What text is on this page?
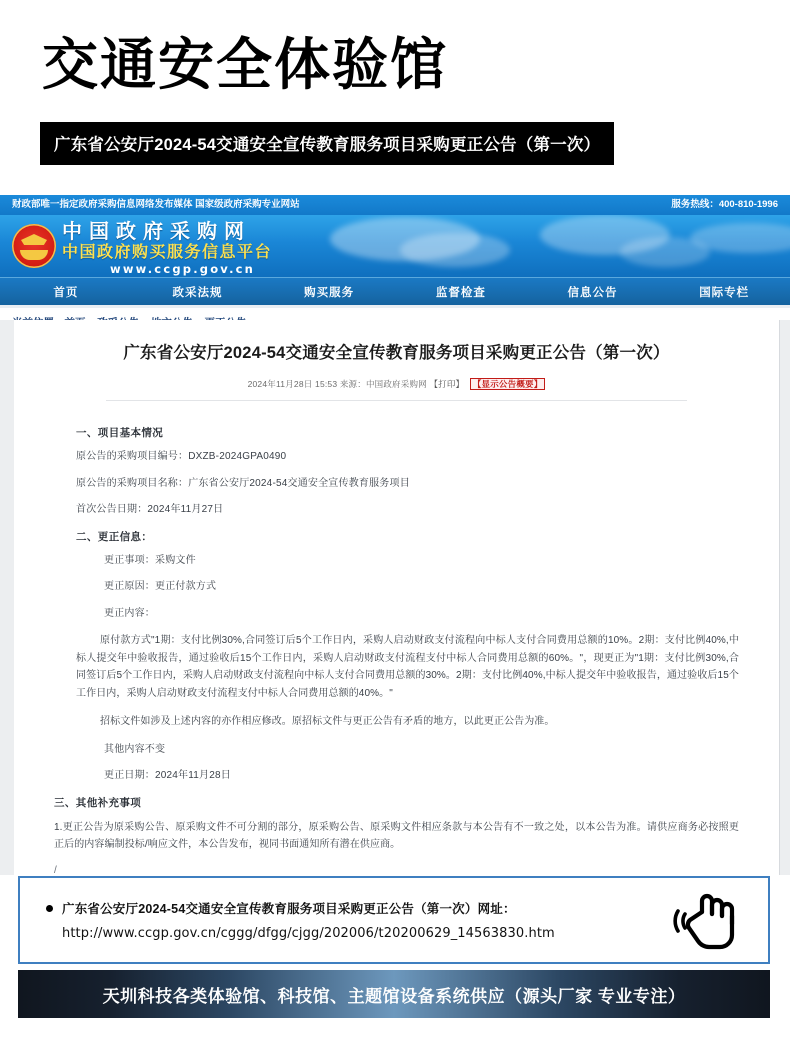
交通安全体验馆
广东省公安厅2024-54交通安全宣传教育服务项目采购更正公告（第一次）
财政部唯一指定政府采购信息网络发布媒体 国家级政府采购专业网站	服务热线：400-810-1996
中国政府采购网
中国政府购买服务信息平台
www.ccgp.gov.cn
首页	政采法规	购买服务	监督检查	信息公告	国际专栏
广东省公安厅2024-54交通安全宣传教育服务项目采购更正公告（第一次）
2024年11月28日 15:53 来源：中国政府采购网 【打印】 【显示公告概要】
一、项目基本情况
原公告的采购项目编号：DXZB-2024GPA0490
原公告的采购项目名称：广东省公安厅2024-54交通安全宣传教育服务项目
首次公告日期：2024年11月27日
二、更正信息：
更正事项：采购文件
更正原因：更正付款方式
更正内容：
原付款方式"1期：支付比例30%,合同签订后5个工作日内，采购人启动财政支付流程向中标人支付合同费用总额的10%。2期：支付比例40%,中标人提交年中验收报告，通过验收后15个工作日内，采购人启动财政支付流程支付中标人合同费用总额的60%。"，现更正为"1期：支付比例30%,合同签订后5个工作日内，采购人启动财政支付流程向中标人支付合同费用总额的30%。2期：支付比例40%,中标人提交年中验收报告，通过验收后15个工作日内，采购人启动财政支付流程支付中标人合同费用总额的40%。"
招标文件如涉及上述内容的亦作相应修改。原招标文件与更正公告有矛盾的地方，以此更正公告为准。
其他内容不变
更正日期：2024年11月28日
三、其他补充事项
1.更正公告为原采购公告、原采购文件不可分割的部分，原采购公告、原采购文件相应条款与本公告有不一致之处，以本公告为准。请供应商务必按照更正后的内容编制投标/响应文件，本公告发布，视同书面通知所有潜在供应商。
/
广东省公安厅2024-54交通安全宣传教育服务项目采购更正公告（第一次）网址：
http://www.ccgp.gov.cn/cggg/dfgg/cjgg/202006/t20200629_14563830.htm
天圳科技各类体验馆、科技馆、主题馆设备系统供应（源头厂家 专业专注）
